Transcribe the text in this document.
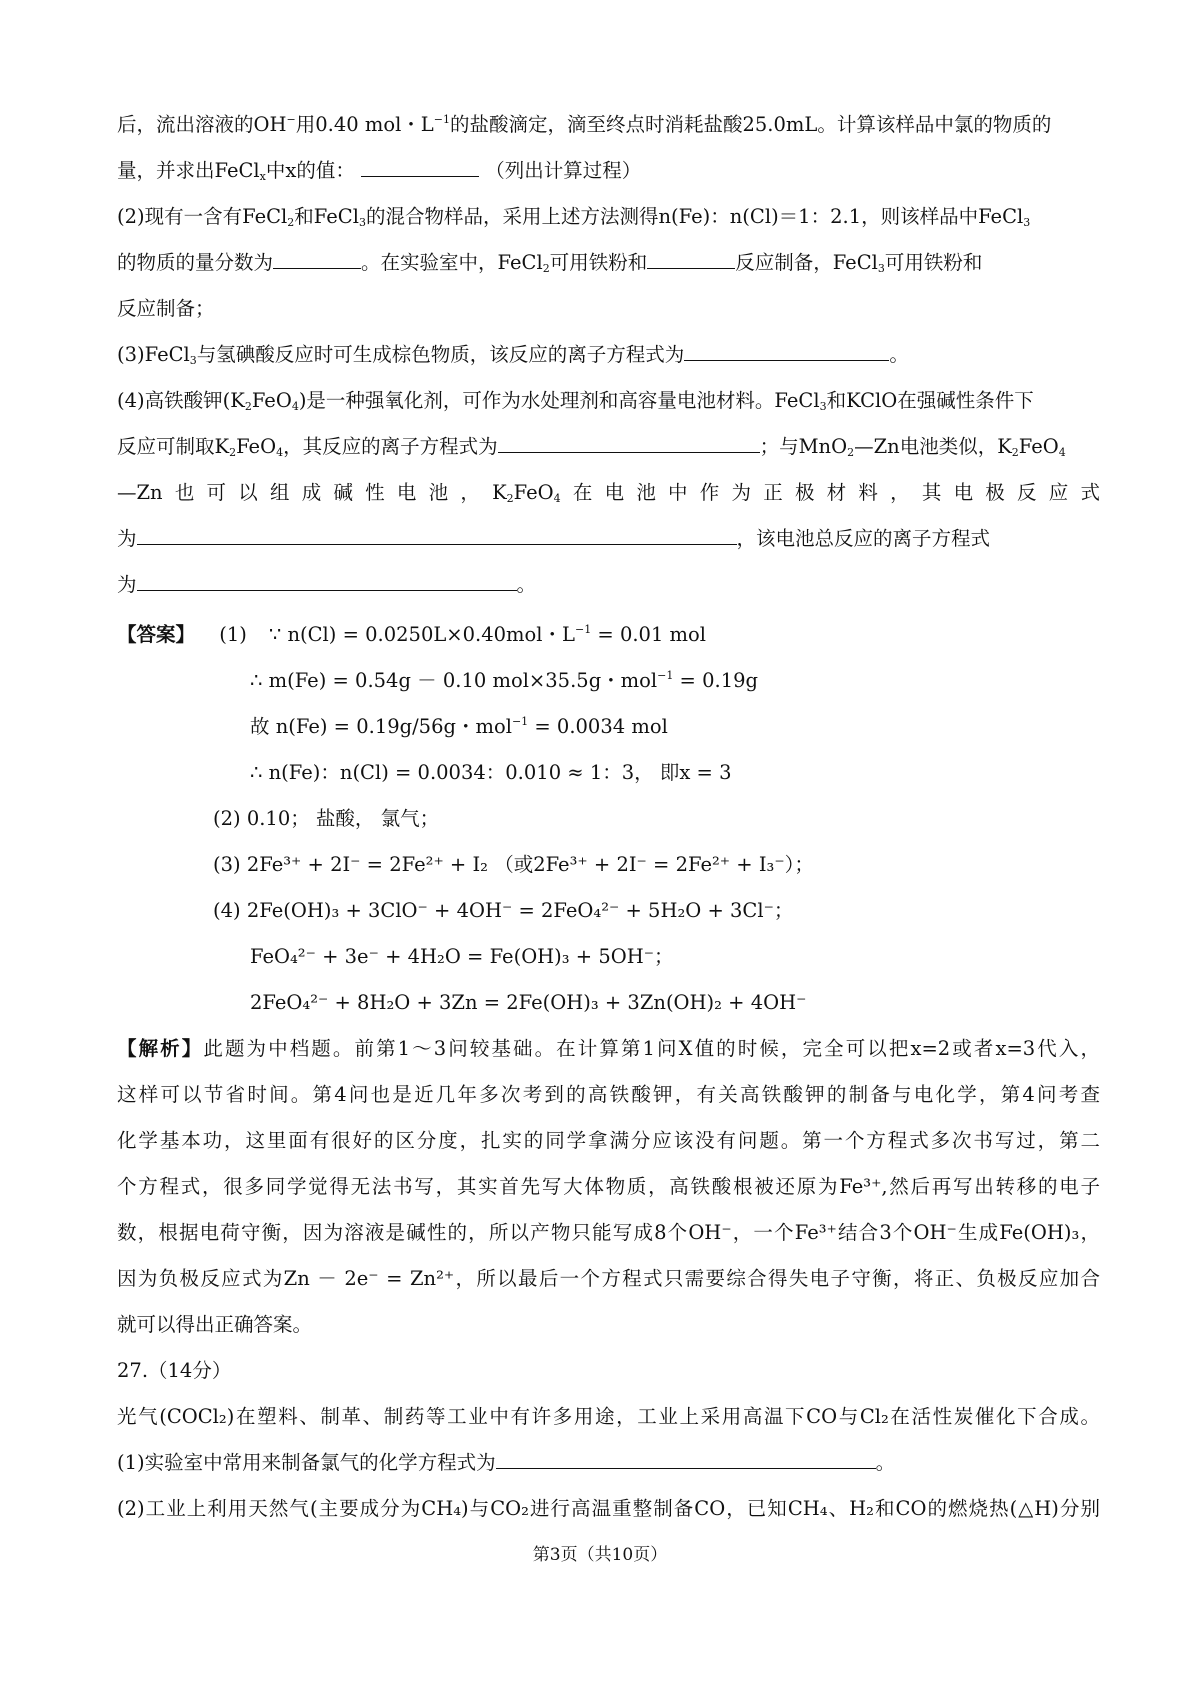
后，流出溶液的OH−用0.40 mol・$L^{-1}$的盐酸滴定，滴至终点时消耗盐酸25.0mL。计算该样品中氯的物质的
量，并求出FeCl$_x$中x的值：	（列出计算过程）
(2)现有一含有FeCl$_2$和FeCl$_3$的混合物样品，采用上述方法测得n(Fe)：n(Cl)＝1：2.1，则该样品中FeCl$_3$
的物质的量分数为	。在实验室中，FeCl$_2$可用铁粉和	反应制备，FeCl$_3$可用铁粉和
反应制备；
(3)FeCl$_3$与氢碘酸反应时可生成棕色物质，该反应的离子方程式为	。
(4)高铁酸钾$(K_2FeO_4)$是一种强氧化剂，可作为水处理剂和高容量电池材料。FeCl$_3$和KClO在强碱性条件下
反应可制取$K_2FeO_4$，其反应的离子方程式为	；与MnO$_2$—Zn电池类似，$K_2FeO_4$
—Zn也可以组成碱性电池，$K_2FeO_4$在电池中作为正极材料，其电极反应式
为	，该电池总反应的离子方程式
为	。
【答案】 (1) ∵ n(Cl) = 0.0250L×0.40mol・$L^{-1} = 0.01$ mol
∴ m(Fe) = 0.54g － 0.10 mol×35.5g・mol$^{-1}$ = 0.19g
故 n(Fe) = 0.19g/56g・mol$^{-1}$ = 0.0034 mol
∴ n(Fe)：n(Cl) = 0.0034：0.010 ≈ 1：3， 即x = 3
(2) 0.10； 盐酸， 氯气；
(3) 2Fe³⁺ + 2I⁻ = 2Fe²⁺ + I₂ （或2Fe³⁺ + 2I⁻ = 2Fe²⁺ + I₃⁻）；
(4) 2Fe(OH)₃ + 3ClO⁻ + 4OH⁻ = 2FeO₄²⁻ + 5H₂O + 3Cl⁻；
FeO₄²⁻ + 3e⁻ + 4H₂O = Fe(OH)₃ + 5OH⁻；
2FeO₄²⁻ + 8H₂O + 3Zn = 2Fe(OH)₃ + 3Zn(OH)₂ + 4OH⁻
【解析】此题为中档题。前第1～3问较基础。在计算第1问X值的时候，完全可以把x=2或者x=3代入，
这样可以节省时间。第4问也是近几年多次考到的高铁酸钾，有关高铁酸钾的制备与电化学，第4问考查
化学基本功，这里面有很好的区分度，扎实的同学拿满分应该没有问题。第一个方程式多次书写过，第二
个方程式，很多同学觉得无法书写，其实首先写大体物质，高铁酸根被还原为Fe³⁺,然后再写出转移的电子
数，根据电荷守衡，因为溶液是碱性的，所以产物只能写成8个OH⁻，一个Fe³⁺结合3个OH⁻生成Fe(OH)₃，
因为负极反应式为Zn － 2e⁻ = Zn²⁺，所以最后一个方程式只需要综合得失电子守衡，将正、负极反应加合
就可以得出正确答案。
27.（14分）
光气(COCl₂)在塑料、制革、制药等工业中有许多用途，工业上采用高温下CO与Cl₂在活性炭催化下合成。
(1)实验室中常用来制备氯气的化学方程式为	。
(2)工业上利用天然气(主要成分为CH₄)与CO₂进行高温重整制备CO，已知CH₄、H₂和CO的燃烧热(△H)分别
第3页（共10页）
